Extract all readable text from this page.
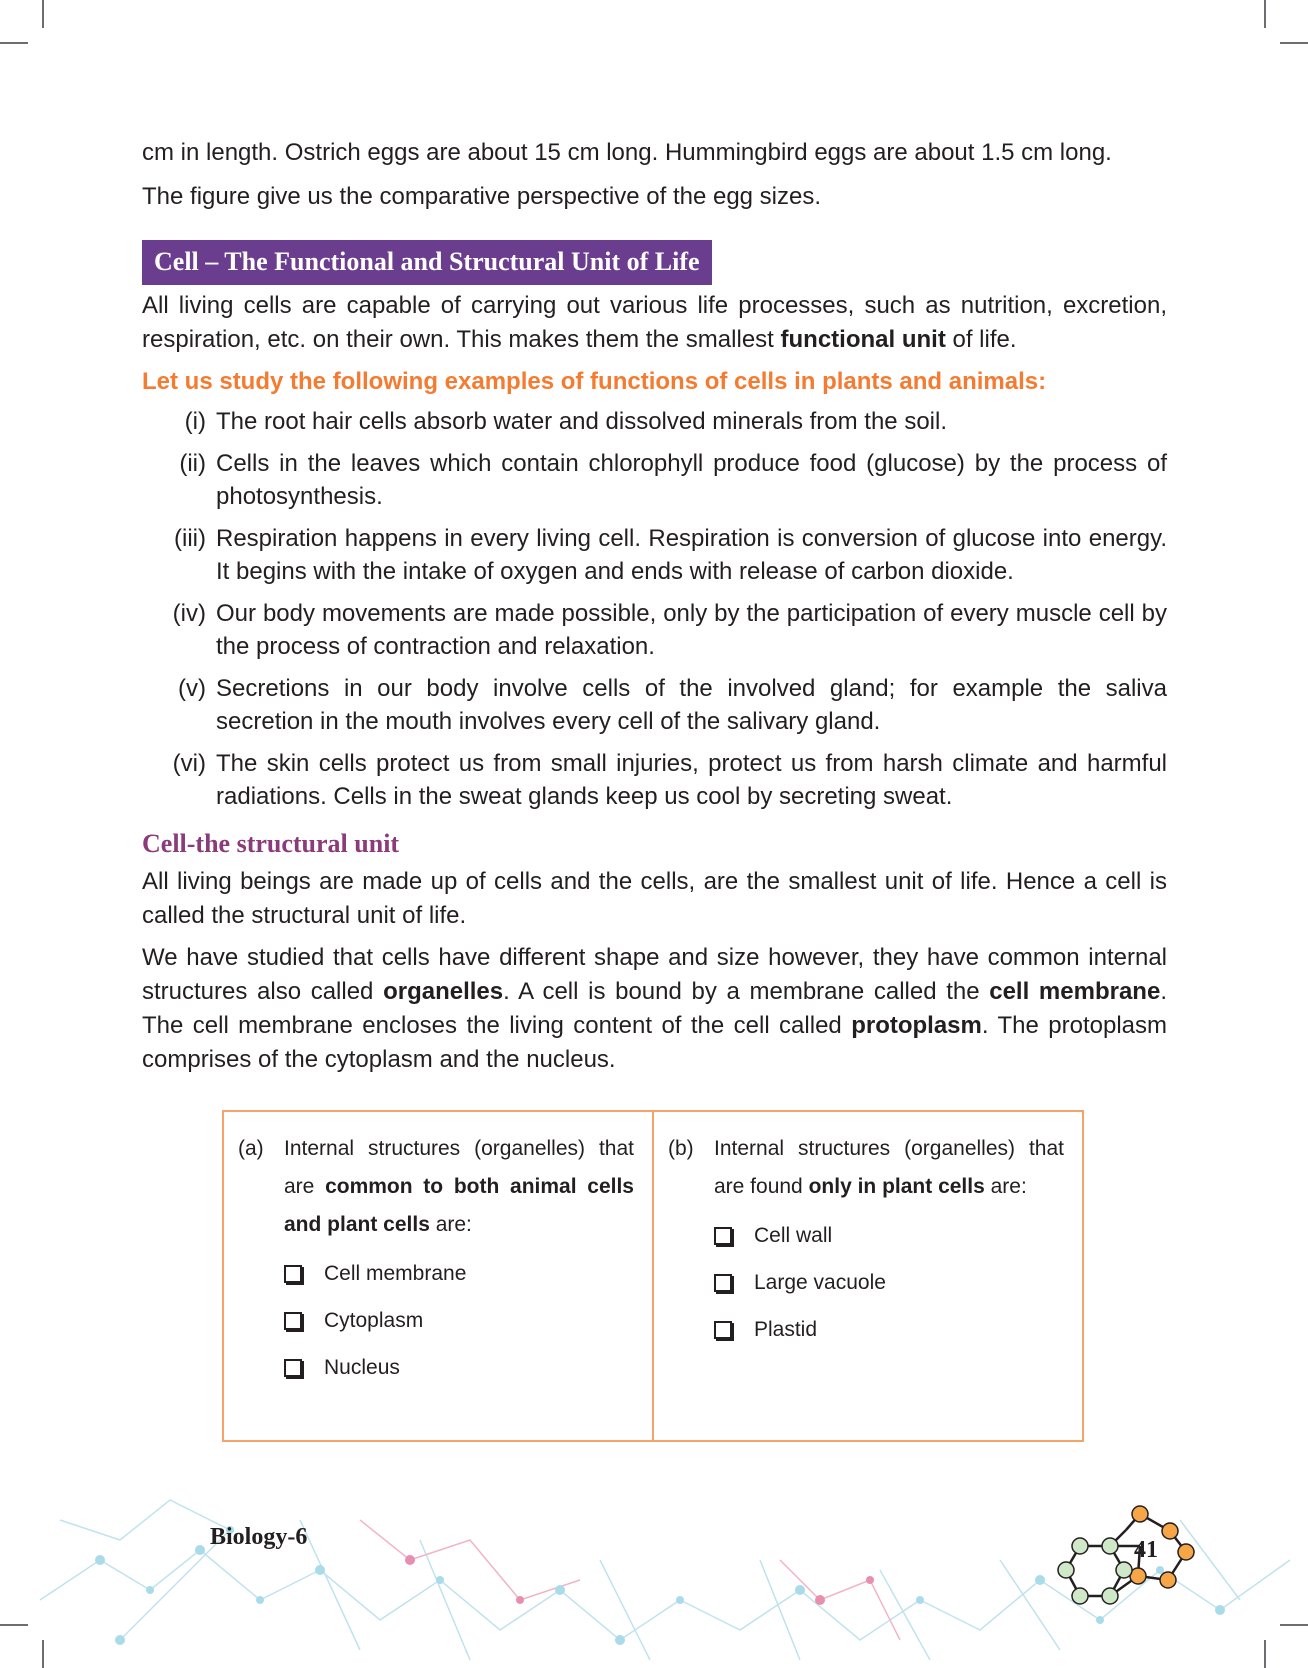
cm in length. Ostrich eggs are about 15 cm long. Hummingbird eggs are about 1.5 cm long.

The figure give us the comparative perspective of the egg sizes.

Cell – The Functional and Structural Unit of Life

All living cells are capable of carrying out various life processes, such as nutrition, excretion, respiration, etc. on their own. This makes them the smallest functional unit of life.

Let us study the following examples of functions of cells in plants and animals:
(i) The root hair cells absorb water and dissolved minerals from the soil.
(ii) Cells in the leaves which contain chlorophyll produce food (glucose) by the process of photosynthesis.
(iii) Respiration happens in every living cell. Respiration is conversion of glucose into energy. It begins with the intake of oxygen and ends with release of carbon dioxide.
(iv) Our body movements are made possible, only by the participation of every muscle cell by the process of contraction and relaxation.
(v) Secretions in our body involve cells of the involved gland; for example the saliva secretion in the mouth involves every cell of the salivary gland.
(vi) The skin cells protect us from small injuries, protect us from harsh climate and harmful radiations. Cells in the sweat glands keep us cool by secreting sweat.
Cell-the structural unit

All living beings are made up of cells and the cells, are the smallest unit of life. Hence a cell is called the structural unit of life.

We have studied that cells have different shape and size however, they have common internal structures also called organelles. A cell is bound by a membrane called the cell membrane. The cell membrane encloses the living content of the cell called protoplasm. The protoplasm comprises of the cytoplasm and the nucleus.

(a) Internal structures (organelles) that are common to both animal cells and plant cells are:
Cell membrane
Cytoplasm
Nucleus
(b) Internal structures (organelles) that are found only in plant cells are:
Cell wall
Large vacuole
Plastid
Biology-6	41
